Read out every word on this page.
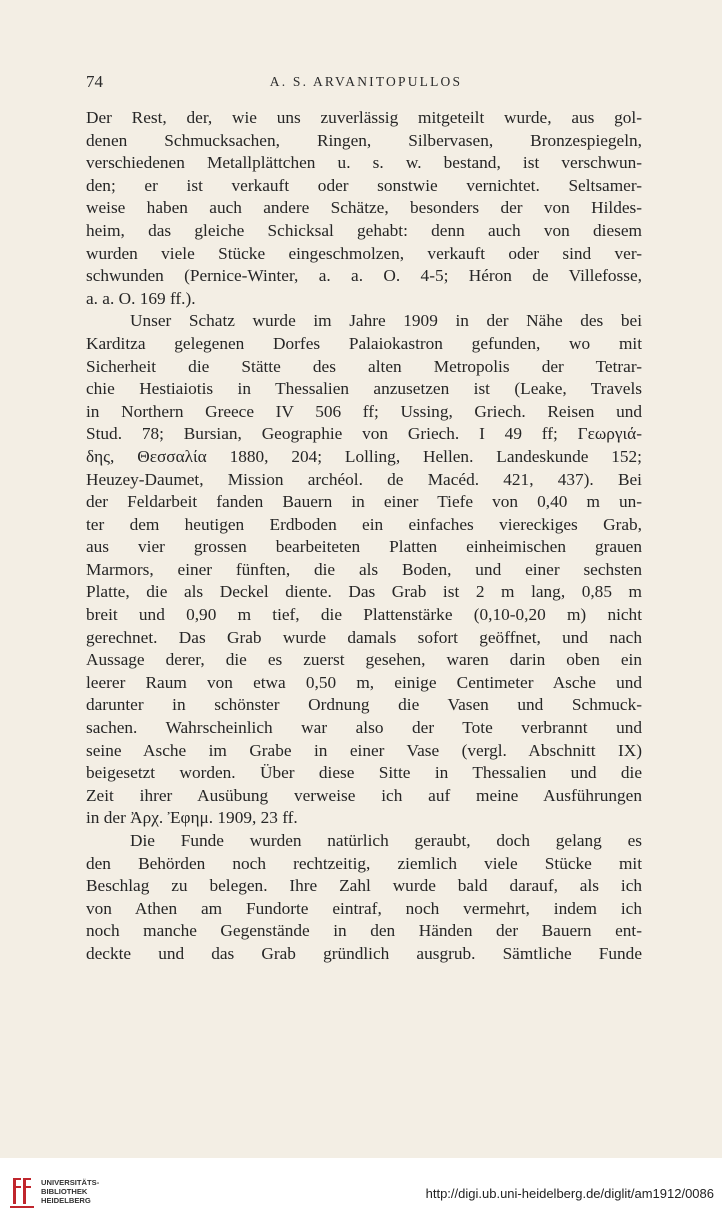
74	A. S. ARVANITOPULLOS
Der Rest, der, wie uns zuverlässig mitgeteilt wurde, aus gol-
denen Schmucksachen, Ringen, Silbervasen, Bronzespiegeln,
verschiedenen Metallplättchen u. s. w. bestand, ist verschwun-
den; er ist verkauft oder sonstwie vernichtet. Seltsamer-
weise haben auch andere Schätze, besonders der von Hildes-
heim, das gleiche Schicksal gehabt: denn auch von diesem
wurden viele Stücke eingeschmolzen, verkauft oder sind ver-
schwunden (Pernice-Winter, a. a. O. 4-5; Héron de Villefosse,
a. a. O. 169 ff.).
Unser Schatz wurde im Jahre 1909 in der Nähe des bei
Karditza gelegenen Dorfes Palaiokastron gefunden, wo mit
Sicherheit die Stätte des alten Metropolis der Tetrar-
chie Hestiaiotis in Thessalien anzusetzen ist (Leake, Travels
in Northern Greece IV 506 ff; Ussing, Griech. Reisen und
Stud. 78; Bursian, Geographie von Griech. I 49 ff; Γεωργιά-
δης, Θεσσαλία 1880, 204; Lolling, Hellen. Landeskunde 152;
Heuzey-Daumet, Mission archéol. de Macéd. 421, 437). Bei
der Feldarbeit fanden Bauern in einer Tiefe von 0,40 m un-
ter dem heutigen Erdboden ein einfaches viereckiges Grab,
aus vier grossen bearbeiteten Platten einheimischen grauen
Marmors, einer fünften, die als Boden, und einer sechsten
Platte, die als Deckel diente. Das Grab ist 2 m lang, 0,85 m
breit und 0,90 m tief, die Plattenstärke (0,10-0,20 m) nicht
gerechnet. Das Grab wurde damals sofort geöffnet, und nach
Aussage derer, die es zuerst gesehen, waren darin oben ein
leerer Raum von etwa 0,50 m, einige Centimeter Asche und
darunter in schönster Ordnung die Vasen und Schmuck-
sachen. Wahrscheinlich war also der Tote verbrannt und
seine Asche im Grabe in einer Vase (vergl. Abschnitt IX)
beigesetzt worden. Über diese Sitte in Thessalien und die
Zeit ihrer Ausübung verweise ich auf meine Ausführungen
in der Ἀρχ. Ἐφημ. 1909, 23 ff.
Die Funde wurden natürlich geraubt, doch gelang es
den Behörden noch rechtzeitig, ziemlich viele Stücke mit
Beschlag zu belegen. Ihre Zahl wurde bald darauf, als ich
von Athen am Fundorte eintraf, noch vermehrt, indem ich
noch manche Gegenstände in den Händen der Bauern ent-
deckte und das Grab gründlich ausgrub. Sämtliche Funde
UNIVERSITÄTS-
BIBLIOTHEK
HEIDELBERG	http://digi.ub.uni-heidelberg.de/diglit/am1912/0086
